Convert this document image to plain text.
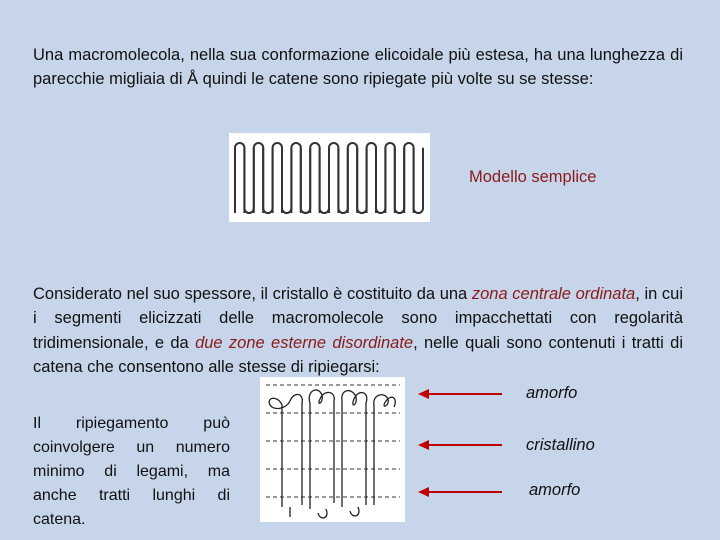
Una macromolecola, nella sua conformazione elicoidale più estesa, ha una lunghezza di parecchie migliaia di Å quindi le catene sono ripiegate più volte su se stesse:

Modello semplice

Considerato nel suo spessore, il cristallo è costituito da una zona centrale ordinata, in cui i segmenti elicizzati delle macromolecole sono impacchettati con regolarità tridimensionale, e da due zone esterne disordinate, nelle quali sono contenuti i tratti di catena che consentono alle stesse di ripiegarsi:

Il ripiegamento può coinvolgere un numero minimo di legami, ma anche tratti lunghi di catena.

amorfo
cristallino
amorfo
